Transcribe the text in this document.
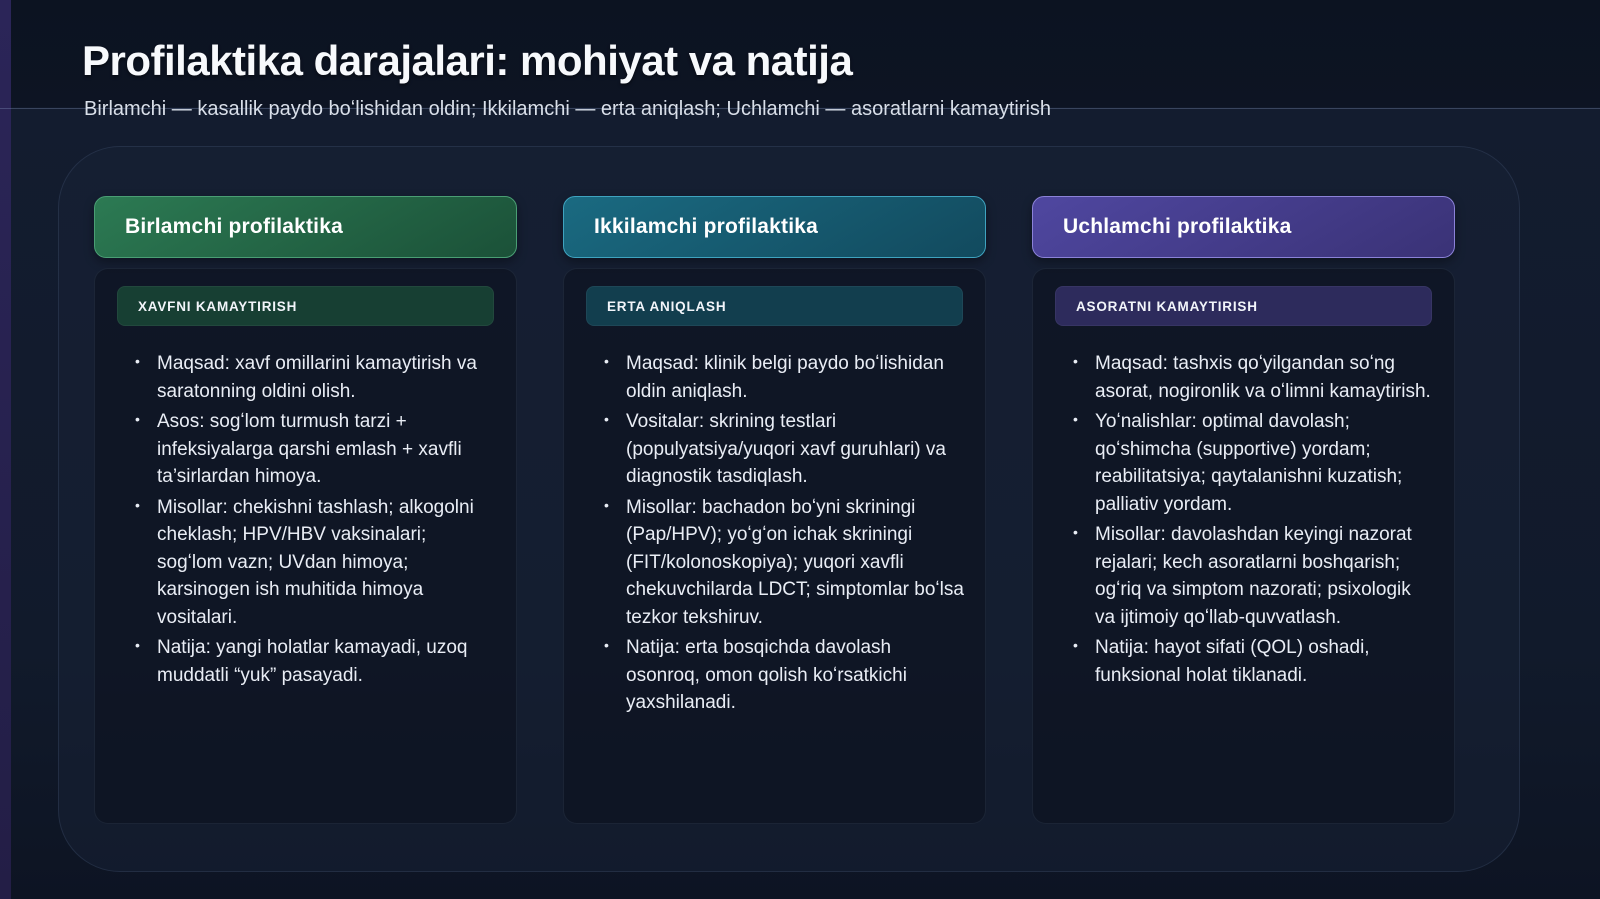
Profilaktika darajalari: mohiyat va natija

Birlamchi — kasallik paydo boʻlishidan oldin; Ikkilamchi — erta aniqlash; Uchlamchi — asoratlarni kamaytirish

Birlamchi profilaktika
XAVFNI KAMAYTIRISH
• Maqsad: xavf omillarini kamaytirish va saratonning oldini olish.
• Asos: sogʻlom turmush tarzi + infeksiyalarga qarshi emlash + xavfli ta’sirlardan himoya.
• Misollar: chekishni tashlash; alkogolni cheklash; HPV/HBV vaksinalari; sogʻlom vazn; UVdan himoya; karsinogen ish muhitida himoya vositalari.
• Natija: yangi holatlar kamayadi, uzoq muddatli “yuk” pasayadi.
Ikkilamchi profilaktika
ERTA ANIQLASH
• Maqsad: klinik belgi paydo boʻlishidan oldin aniqlash.
• Vositalar: skrining testlari (populyatsiya/yuqori xavf guruhlari) va diagnostik tasdiqlash.
• Misollar: bachadon boʻyni skriningi (Pap/HPV); yoʻgʻon ichak skriningi (FIT/kolonoskopiya); yuqori xavfli chekuvchilarda LDCT; simptomlar boʻlsa tezkor tekshiruv.
• Natija: erta bosqichda davolash osonroq, omon qolish koʻrsatkichi yaxshilanadi.
Uchlamchi profilaktika
ASORATNI KAMAYTIRISH
• Maqsad: tashxis qoʻyilgandan soʻng asorat, nogironlik va oʻlimni kamaytirish.
• Yoʻnalishlar: optimal davolash; qoʻshimcha (supportive) yordam; reabilitatsiya; qaytalanishni kuzatish; palliativ yordam.
• Misollar: davolashdan keyingi nazorat rejalari; kech asoratlarni boshqarish; ogʻriq va simptom nazorati; psixologik va ijtimoiy qoʻllab-quvvatlash.
• Natija: hayot sifati (QOL) oshadi, funksional holat tiklanadi.
